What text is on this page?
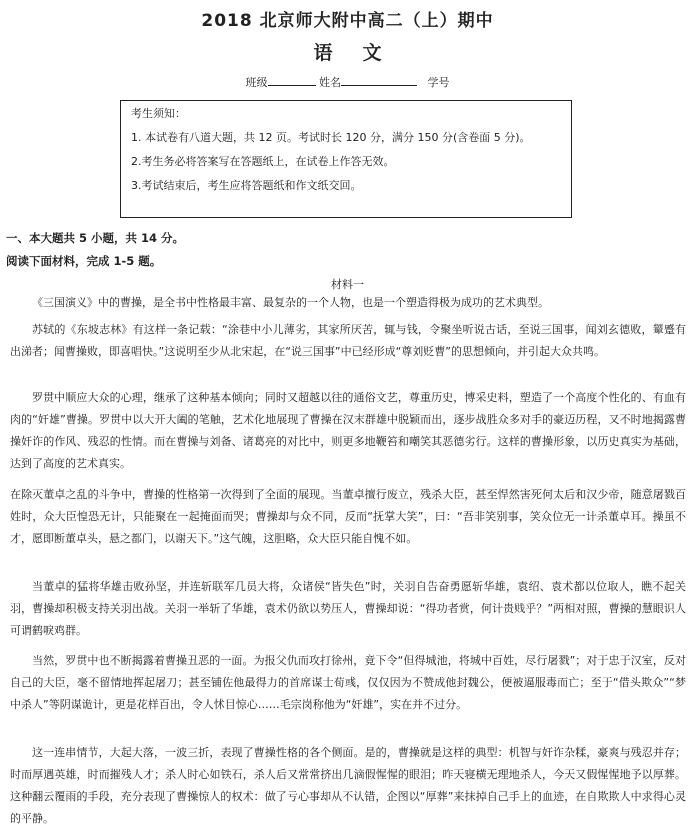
2018 北京师大附中高二（上）期中
语文
班级	姓名	学号
考生须知：
1. 本试卷有八道大题，共 12 页。考试时长 120 分，满分 150 分(含卷面 5 分)。
2.考生务必将答案写在答题纸上，在试卷上作答无效。
3.考试结束后，考生应将答题纸和作文纸交回。
一、本大题共 5 小题，共 14 分。
阅读下面材料，完成 1-5 题。
材料一
《三国演义》中的曹操，是全书中性格最丰富、最复杂的一个人物，也是一个塑造得极为成功的艺术典型。
苏轼的《东坡志林》有这样一条记载：“涂巷中小儿薄劣，其家所厌苦，辄与钱，令聚坐听说古话，至说三国事，闻刘玄德败，颦蹙有出涕者；闻曹操败，即喜唱快。”这说明至少从北宋起，在“说三国事”中已经形成“尊刘贬曹”的思想倾向，并引起大众共鸣。
罗贯中顺应大众的心理，继承了这种基本倾向；同时又超越以往的通俗文艺，尊重历史，博采史料，塑造了一个高度个性化的、有血有肉的“奸雄”曹操。罗贯中以大开大阖的笔触，艺术化地展现了曹操在汉末群雄中脱颖而出，逐步战胜众多对手的豪迈历程，又不时地揭露曹操奸诈的作风、残忍的性情。而在曹操与刘备、诸葛亮的对比中，则更多地鞭笞和嘲笑其恶德劣行。这样的曹操形象，以历史真实为基础，达到了高度的艺术真实。
在除灭董卓之乱的斗争中，曹操的性格第一次得到了全面的展现。当董卓擅行废立，残杀大臣，甚至悍然害死何太后和汉少帝，随意屠戮百姓时，众大臣惶恐无计，只能聚在一起掩面而哭；曹操却与众不同，反而“抚掌大笑”，曰：“吾非笑别事，笑众位无一计杀董卓耳。操虽不才，愿即断董卓头，悬之都门，以谢天下。”这气魄，这胆略，众大臣只能自愧不如。
当董卓的猛将华雄击败孙坚，并连斩联军几员大将，众诸侯“皆失色”时，关羽自告奋勇愿斩华雄，袁绍、袁术都以位取人，瞧不起关羽，曹操却积极支持关羽出战。关羽一举斩了华雄，袁术仍欲以势压人，曹操却说：“得功者赏，何计贵贱乎？”两相对照，曹操的慧眼识人可谓鹤唳鸡群。
当然，罗贯中也不断揭露着曹操丑恶的一面。为报父仇而攻打徐州，竟下令“但得城池，将城中百姓，尽行屠戮”；对于忠于汉室，反对自己的大臣，毫不留情地挥起屠刀；甚至铺佐他最得力的首席谋士荀彧，仅仅因为不赞成他封魏公，便被逼服毒而亡；至于“借头欺众”“梦中杀人”等阴谋诡计，更是花样百出，令人怵目惊心……毛宗岗称他为“奸雄”，实在并不过分。
这一连串情节，大起大落，一波三折，表现了曹操性格的各个侧面。是的，曹操就是这样的典型：机智与奸诈杂糅，豪爽与残忍并存；时而厚遇英雄，时而摧残人才；杀人时心如铁石，杀人后又常常挤出几滴假惺惺的眼泪；昨天寝横无理地杀人，今天又假惺惺地予以厚葬。这种翻云覆雨的手段，充分表现了曹操惊人的权术：做了亏心事却从不认错，企图以“厚葬”来抹掉自己手上的血迹，在自欺欺人中求得心灵的平静。
